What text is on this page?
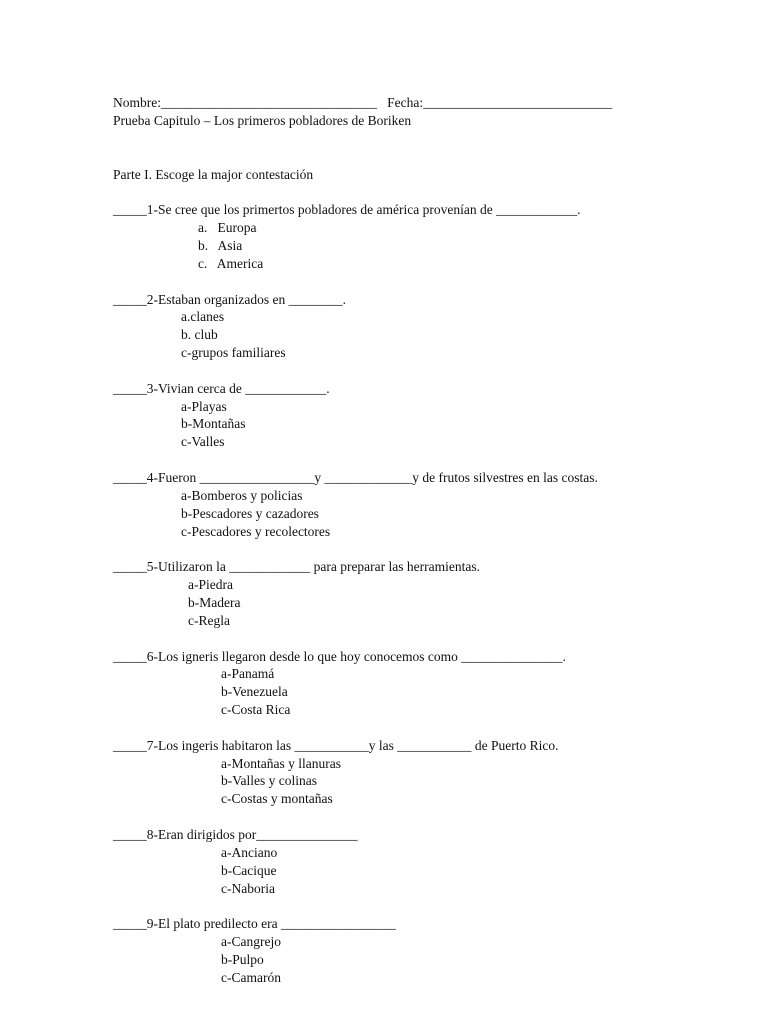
Nombre:________________________________   Fecha:____________________________
Prueba Capitulo – Los primeros pobladores de Boriken
Parte I. Escoge la major contestación
_____1-Se cree que los primertos pobladores de américa provenían de ____________.
a.   Europa
b.   Asia
c.   America
_____2-Estaban organizados en ________.
a.clanes
b. club
c-grupos familiares
_____3-Vivian cerca de ____________.
a-Playas
b-Montañas
c-Valles
_____4-Fueron _________________y _____________y de frutos silvestres en las costas.
a-Bomberos y policias
b-Pescadores y cazadores
c-Pescadores y recolectores
_____5-Utilizaron la ____________ para preparar las herramientas.
a-Piedra
b-Madera
c-Regla
_____6-Los igneris llegaron desde lo que hoy conocemos como _______________.
a-Panamá
b-Venezuela
c-Costa Rica
_____7-Los ingeris habitaron las ___________y las ___________ de Puerto Rico.
a-Montañas y llanuras
b-Valles y colinas
c-Costas y montañas
_____8-Eran dirigidos por_______________
a-Anciano
b-Cacique
c-Naboria
_____9-El plato predilecto era _________________
a-Cangrejo
b-Pulpo
c-Camarón
